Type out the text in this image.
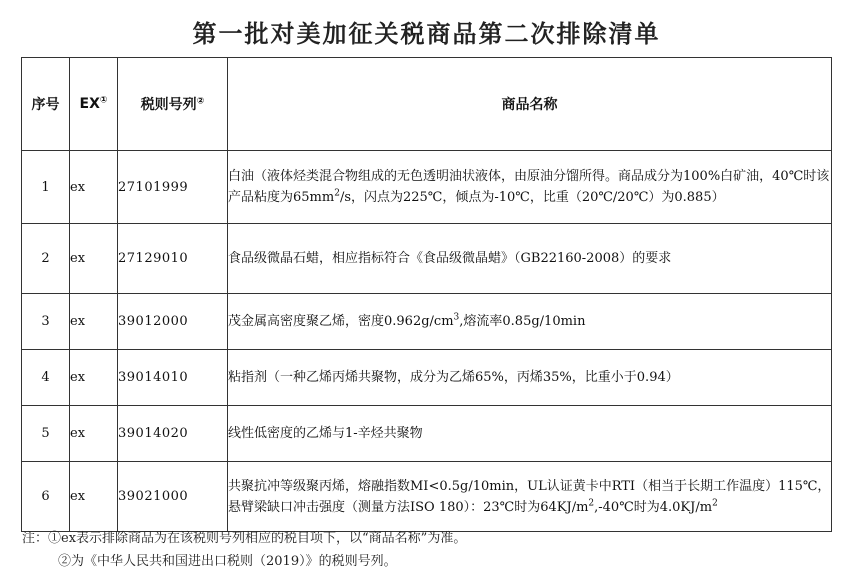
第一批对美加征关税商品第二次排除清单
序号	EX①	税则号列②	商品名称
1	ex	27101999	白油（液体烃类混合物组成的无色透明油状液体，由原油分馏所得。商品成分为100%白矿油，40℃时该产品粘度为$65mm^2/s$，闪点为225℃，倾点为-10℃，比重（20℃/20℃）为0.885）
2	ex	27129010	食品级微晶石蜡，相应指标符合《食品级微晶蜡》（GB22160-2008）的要求
3	ex	39012000	茂金属高密度聚乙烯，密度$0.962g/cm^3$,熔流率0.85g/10min
4	ex	39014010	粘指剂（一种乙烯丙烯共聚物，成分为乙烯65%，丙烯35%，比重小于0.94）
5	ex	39014020	线性低密度的乙烯与1-辛烃共聚物
6	ex	39021000	共聚抗冲等级聚丙烯，熔融指数MI<0.5g/10min，UL认证黄卡中RTI（相当于长期工作温度）115℃，悬臂梁缺口冲击强度（测量方法ISO 180）：23℃时为$64KJ/m^2,-40℃$时为$4.0KJ/m^2$
注：①ex表示排除商品为在该税则号列相应的税目项下，以“商品名称”为准。
②为《中华人民共和国进出口税则（2019）》的税则号列。
